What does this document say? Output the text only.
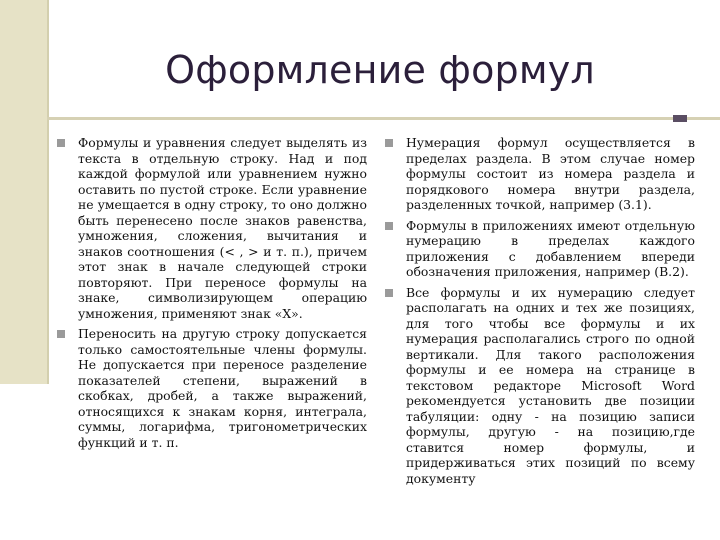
Оформление формул
Формулы и уравнения следует выделять из текста в отдельную строку. Над и под каждой формулой или уравнением нужно оставить по пустой строке. Если уравнение не умещается в одну строку, то оно должно быть перенесено после знаков равенства, умножения, сложения, вычитания и знаков соотношения (< , > и т. п.), причем этот знак в начале следующей строки повторяют. При переносе формулы на знаке, символизирующем операцию умножения, применяют знак «Х».
Переносить на другую строку допускается только самостоятельные члены формулы. Не допускается при переносе разделение показателей степени, выражений в скобках, дробей, а также выражений, относящихся к знакам корня, интеграла, суммы, логарифма, тригонометрических функций и т. п.
Нумерация формул осуществляется в пределах раздела. В этом случае номер формулы состоит из номера раздела и порядкового номера внутри раздела, разделенных точкой, например (3.1).
Формулы в приложениях имеют отдельную нумерацию в пределах каждого приложения с добавлением впереди обозначения приложения, например (В.2).
Все формулы и их нумерацию следует располагать на одних и тех же позициях, для того чтобы все формулы и их нумерация располагались строго по одной вертикали. Для такого расположения формулы и ее номера на странице в текстовом редакторе Microsoft Word рекомендуется установить две позиции табуляции: одну - на позицию записи формулы, другую - на позицию,где ставится номер формулы, и придерживаться этих позиций по всему документу
